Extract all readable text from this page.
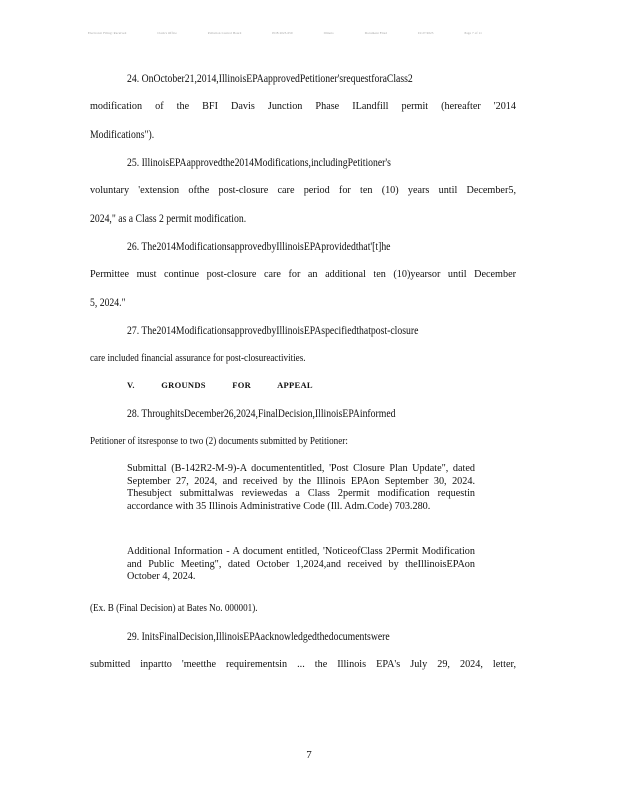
Electronic Filing: Received	Clerk's Office	Pollution Control Board	PCB 2025-059	Illinois	Document Filed	01/27/2025	Page 7 of 11
24. OnOctober21,2014,IllinoisEPAapprovedPetitioner'srequestforaClass2
modification of the BFI Davis Junction Phase ILandfill permit (hereafter '2014
Modifications").
25. IllinoisEPAapprovedthe2014Modifications,includingPetitioner's
voluntary 'extension ofthe post-closure care period for ten (10) years until December5,
2024," as a Class 2 permit modification.
26. The2014ModificationsapprovedbyIllinoisEPAprovidedthat'[t]he
Permittee must continue post-closure care for an additional ten (10)yearsor until December
5, 2024."
27. The2014ModificationsapprovedbyIllinoisEPAspecifiedthatpost-closure
care included financial assurance for post-closureactivities.
V.	GROUNDS	FOR	APPEAL
28. ThroughitsDecember26,2024,FinalDecision,IllinoisEPAinformed
Petitioner of itsresponse to two (2) documents submitted by Petitioner:
Submittal (B-142R2-M-9)-A documententitled, 'Post Closure Plan Update", dated September 27, 2024, and received by the Illinois EPAon September 30, 2024. Thesubject submittalwas reviewedas a Class 2permit modification requestin accordance with 35 Illinois Administrative Code (Ill. Adm.Code) 703.280.
Additional Information - A document entitled, 'NoticeofClass 2Permit Modification and Public Meeting", dated October 1,2024,and received by theIllinoisEPAon October 4, 2024.
(Ex. B (Final Decision) at Bates No. 000001).
29. InitsFinalDecision,IllinoisEPAacknowledgedthedocumentswere
submitted inpartto 'meetthe requirementsin ... the Illinois EPA's July 29, 2024, letter,
7
